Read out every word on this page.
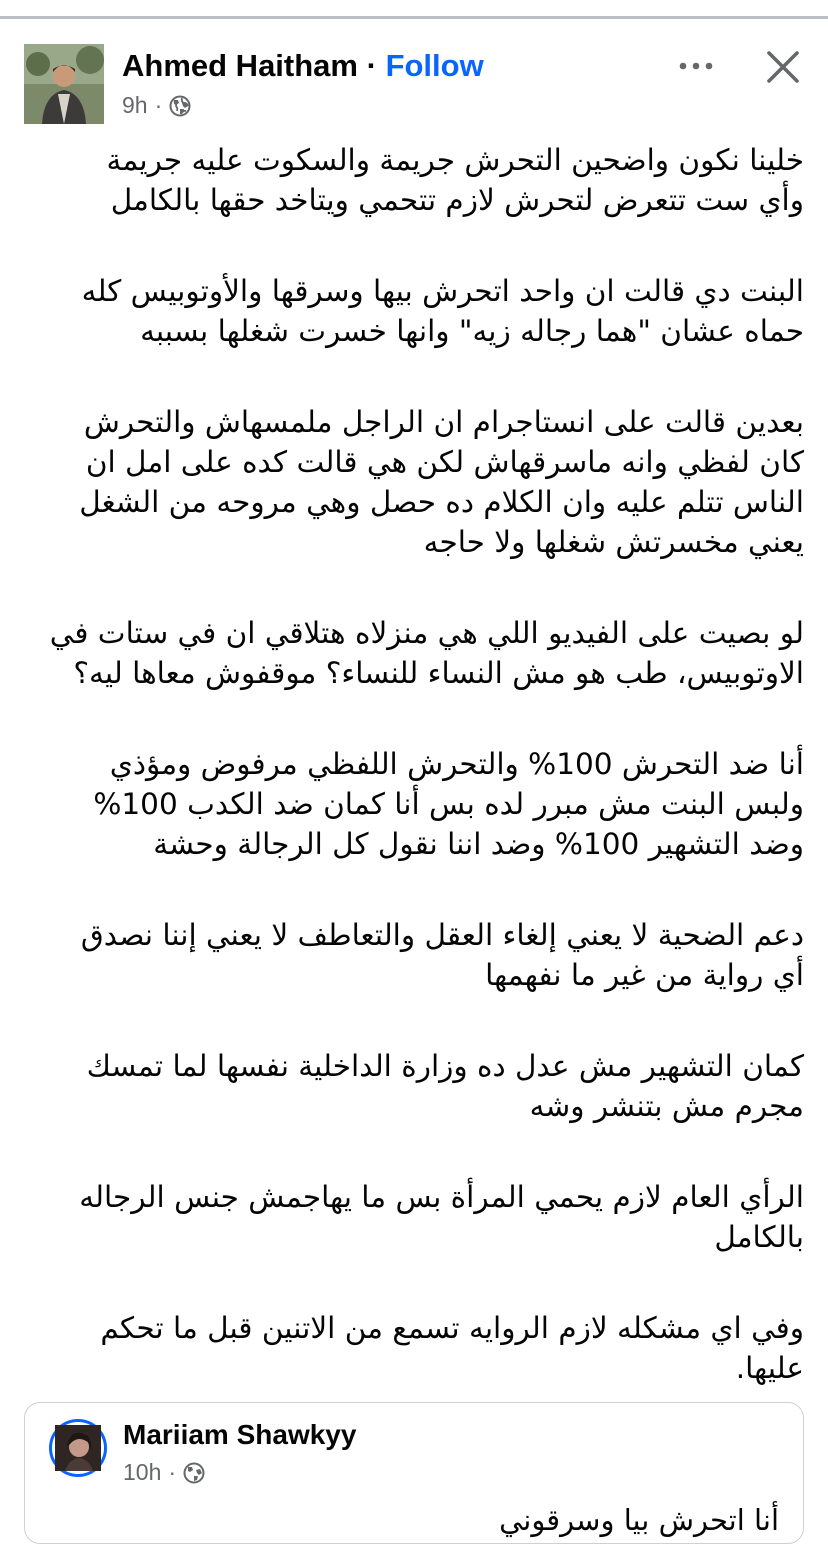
Ahmed Haitham · Follow
9h ·
خلينا نكون واضحين التحرش جريمة والسكوت عليه جريمة
وأي ست تتعرض لتحرش لازم تتحمي ويتاخد حقها بالكامل
البنت دي قالت ان واحد اتحرش بيها وسرقها والأوتوبيس كله
حماه عشان "هما رجاله زيه" وانها خسرت شغلها بسببه
بعدين قالت على انستاجرام ان الراجل ملمسهاش والتحرش
كان لفظي وانه ماسرقهاش لكن هي قالت كده على امل ان
الناس تتلم عليه وان الكلام ده حصل وهي مروحه من الشغل
يعني مخسرتش شغلها ولا حاجه
لو بصيت على الفيديو اللي هي منزلاه هتلاقي ان في ستات في
الاوتوبيس، طب هو مش النساء للنساء؟ موقفوش معاها ليه؟
أنا ضد التحرش 100% والتحرش اللفظي مرفوض ومؤذي
ولبس البنت مش مبرر لده بس أنا كمان ضد الكدب 100%
وضد التشهير 100% وضد اننا نقول كل الرجالة وحشة
دعم الضحية لا يعني إلغاء العقل والتعاطف لا يعني إننا نصدق
أي رواية من غير ما نفهمها
كمان التشهير مش عدل ده وزارة الداخلية نفسها لما تمسك
مجرم مش بتنشر وشه
الرأي العام لازم يحمي المرأة بس ما يهاجمش جنس الرجاله
بالكامل
وفي اي مشكله لازم الروايه تسمع من الاتنين قبل ما تحكم
عليها.
Mariiam Shawkyy
10h ·
أنا اتحرش بيا وسرقوني
